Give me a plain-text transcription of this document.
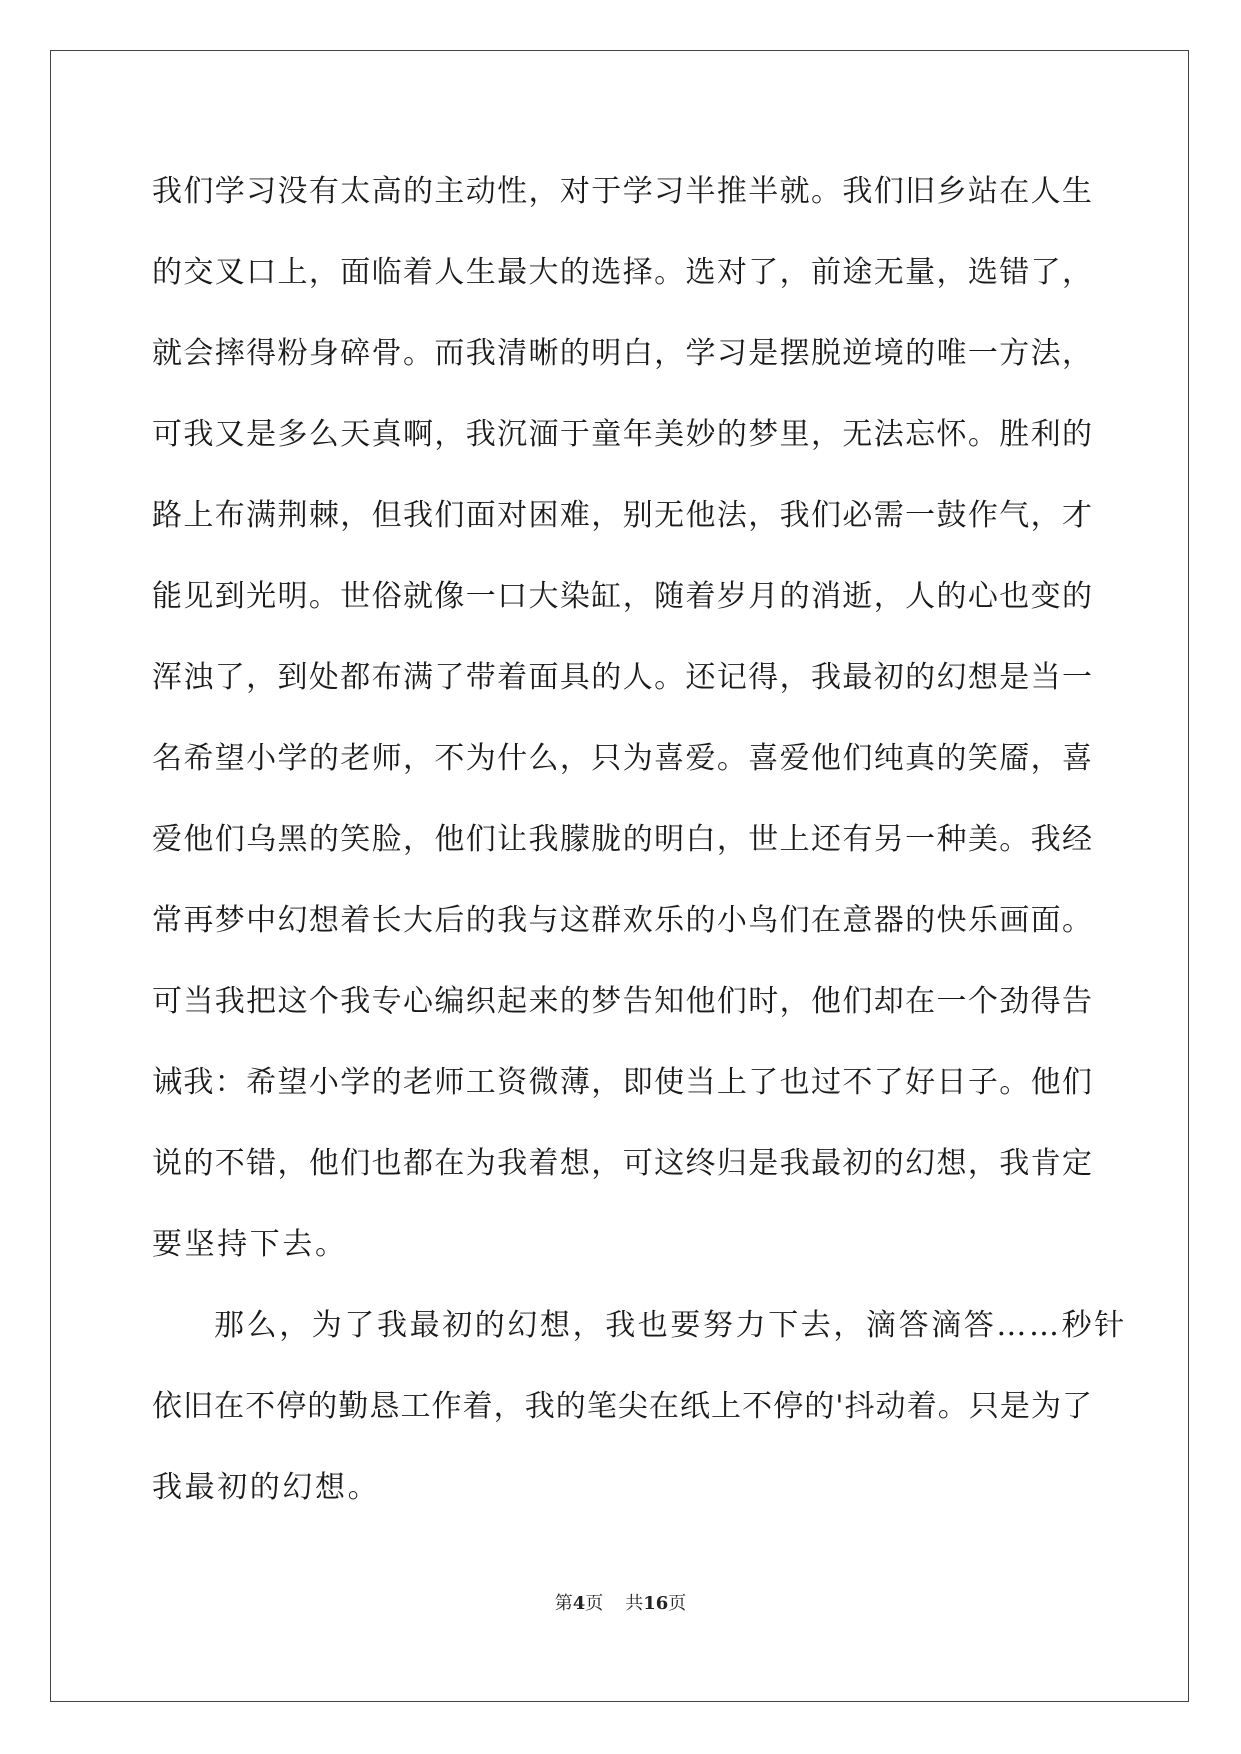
我们学习没有太高的主动性，对于学习半推半就。我们旧乡站在人生
的交叉口上，面临着人生最大的选择。选对了，前途无量，选错了，
就会摔得粉身碎骨。而我清晰的明白，学习是摆脱逆境的唯一方法，
可我又是多么天真啊，我沉湎于童年美妙的梦里，无法忘怀。胜利的
路上布满荆棘，但我们面对困难，别无他法，我们必需一鼓作气，才
能见到光明。世俗就像一口大染缸，随着岁月的消逝，人的心也变的
浑浊了，到处都布满了带着面具的人。还记得，我最初的幻想是当一
名希望小学的老师，不为什么，只为喜爱。喜爱他们纯真的笑靥，喜
爱他们乌黑的笑脸，他们让我朦胧的明白，世上还有另一种美。我经
常再梦中幻想着长大后的我与这群欢乐的小鸟们在意器的快乐画面。
可当我把这个我专心编织起来的梦告知他们时，他们却在一个劲得告
诫我：希望小学的老师工资微薄，即使当上了也过不了好日子。他们
说的不错，他们也都在为我着想，可这终归是我最初的幻想，我肯定
要坚持下去。
那么，为了我最初的幻想，我也要努力下去，滴答滴答……秒针
依旧在不停的勤恳工作着，我的笔尖在纸上不停的'抖动着。只是为了
我最初的幻想。
第4页 共16页
